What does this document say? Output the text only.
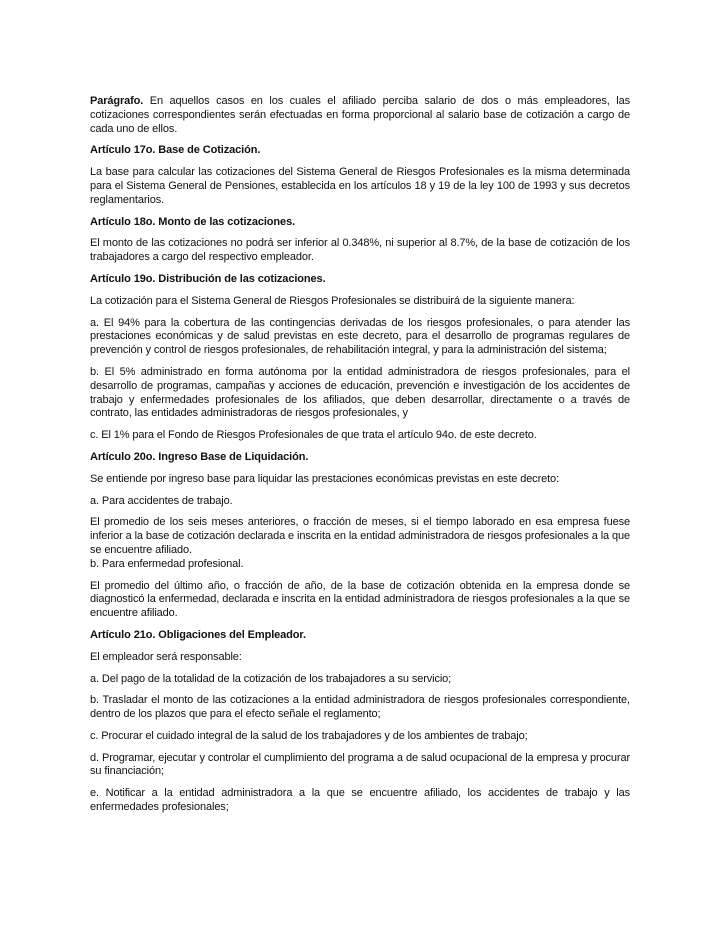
Parágrafo. En aquellos casos en los cuales el afiliado perciba salario de dos o más empleadores, las cotizaciones correspondientes serán efectuadas en forma proporcional al salario base de cotización a cargo de cada uno de ellos.

Artículo 17o. Base de Cotización.

La base para calcular las cotizaciones del Sistema General de Riesgos Profesionales es la misma determinada para el Sistema General de Pensiones, establecida en los artículos 18 y 19 de la ley 100 de 1993 y sus decretos reglamentarios.

Artículo 18o. Monto de las cotizaciones.

El monto de las cotizaciones no podrá ser inferior al 0.348%, ni superior al 8.7%, de la base de cotización de los trabajadores a cargo del respectivo empleador.

Artículo 19o. Distribución de las cotizaciones.

La cotización para el Sistema General de Riesgos Profesionales se distribuirá de la siguiente manera:

a. El 94% para la cobertura de las contingencias derivadas de los riesgos profesionales, o para atender las prestaciones económicas y de salud previstas en este decreto, para el desarrollo de programas regulares de prevención y control de riesgos profesionales, de rehabilitación integral, y para la administración del sistema;

b. El 5% administrado en forma autónoma por la entidad administradora de riesgos profesionales, para el desarrollo de programas, campañas y acciones de educación, prevención e investigación de los accidentes de trabajo y enfermedades profesionales de los afiliados, que deben desarrollar, directamente o a través de contrato, las entidades administradoras de riesgos profesionales, y

c. El 1% para el Fondo de Riesgos Profesionales de que trata el artículo 94o. de este decreto.

Artículo 20o. Ingreso Base de Liquidación.

Se entiende por ingreso base para liquidar las prestaciones económicas previstas en este decreto:

a. Para accidentes de trabajo.

El promedio de los seis meses anteriores, o fracción de meses, si el tiempo laborado en esa empresa fuese inferior a la base de cotización declarada e inscrita en la entidad administradora de riesgos profesionales a la que se encuentre afiliado.

b. Para enfermedad profesional.

El promedio del último año, o fracción de año, de la base de cotización obtenida en la empresa donde se diagnosticó la enfermedad, declarada e inscrita en la entidad administradora de riesgos profesionales a la que se encuentre afiliado.

Artículo 21o. Obligaciones del Empleador.

El empleador será responsable:

a. Del pago de la totalidad de la cotización de los trabajadores a su servicio;

b. Trasladar el monto de las cotizaciones a la entidad administradora de riesgos profesionales correspondiente, dentro de los plazos que para el efecto señale el reglamento;

c. Procurar el cuidado integral de la salud de los trabajadores y de los ambientes de trabajo;

d. Programar, ejecutar y controlar el cumplimiento del programa a de salud ocupacional de la empresa y procurar su financiación;

e. Notificar a la entidad administradora a la que se encuentre afiliado, los accidentes de trabajo y las enfermedades profesionales;
